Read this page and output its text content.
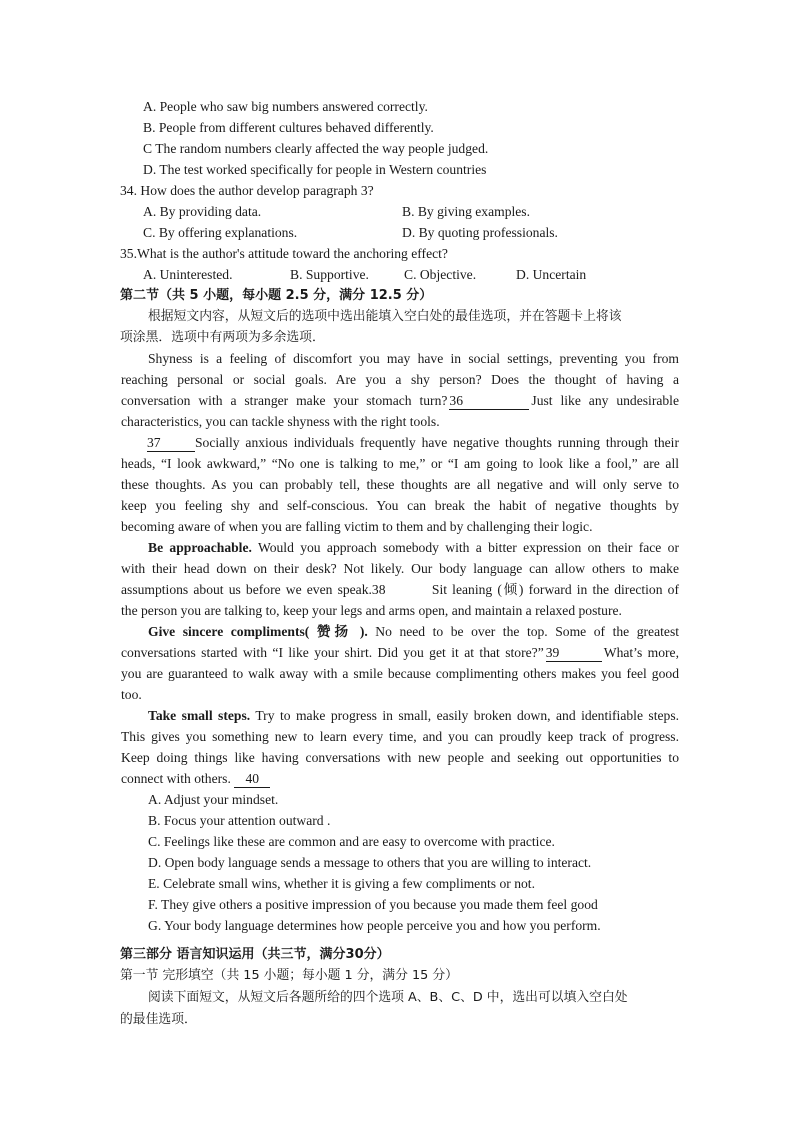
A. People who saw big numbers answered correctly.
B. People from different cultures behaved differently.
C The random numbers clearly affected the way people judged.
D. The test worked specifically for people in Western countries
34. How does the author develop paragraph 3?
A. By providing data.	B. By giving examples.
C. By offering explanations.	D. By quoting professionals.
35.What is the author's attitude toward the anchoring effect?
A. Uninterested.	B. Supportive.	C. Objective.	D. Uncertain
第二节（共 5 小题，每小题 2.5 分，满分 12.5 分）
根据短文内容，从短文后的选项中选出能填入空白处的最佳选项，并在答题卡上将该
项涂黑．选项中有两项为多余选项．
Shyness is a feeling of discomfort you may have in social settings, preventing you from
reaching personal or social goals. Are you a shy person? Does the thought of having a
conversation with a stranger make your stomach turn? 36	Just like any undesirable
characteristics, you can tackle shyness with the right tools.
37	Socially anxious individuals frequently have negative thoughts running through their
heads, “I look awkward,” “No one is talking to me,” or “I am going to look like a fool,” are all
these thoughts. As you can probably tell, these thoughts are all negative and will only serve to
keep you feeling shy and self-conscious. You can break the habit of negative thoughts by
becoming aware of when you are falling victim to them and by challenging their logic.
Be approachable. Would you approach somebody with a bitter expression on their face or
with their head down on their desk? Not likely. Our body language can allow others to make
assumptions about us before we even speak.38	Sit leaning (倾) forward in the direction of
the person you are talking to, keep your legs and arms open, and maintain a relaxed posture.
Give sincere compliments( 赞扬 ). No need to be over the top. Some of the greatest
conversations started with “I like your shirt. Did you get it at that store?” 39	What’s more,
you are guaranteed to walk away with a smile because complimenting others makes you feel good
too.
Take small steps. Try to make progress in small, easily broken down, and identifiable steps.
This gives you something new to learn every time, and you can proudly keep track of progress.
Keep doing things like having conversations with new people and seeking out opportunities to
connect with others. 40
A. Adjust your mindset.
B. Focus your attention outward .
C. Feelings like these are common and are easy to overcome with practice.
D. Open body language sends a message to others that you are willing to interact.
E. Celebrate small wins, whether it is giving a few compliments or not.
F. They give others a positive impression of you because you made them feel good
G. Your body language determines how people perceive you and how you perform.
第三部分 语言知识运用（共三节，满分30分）
第一节 完形填空（共 15 小题；每小题 1 分，满分 15 分）
阅读下面短文，从短文后各题所给的四个选项 A、B、C、D 中，选出可以填入空白处
的最佳选项．
